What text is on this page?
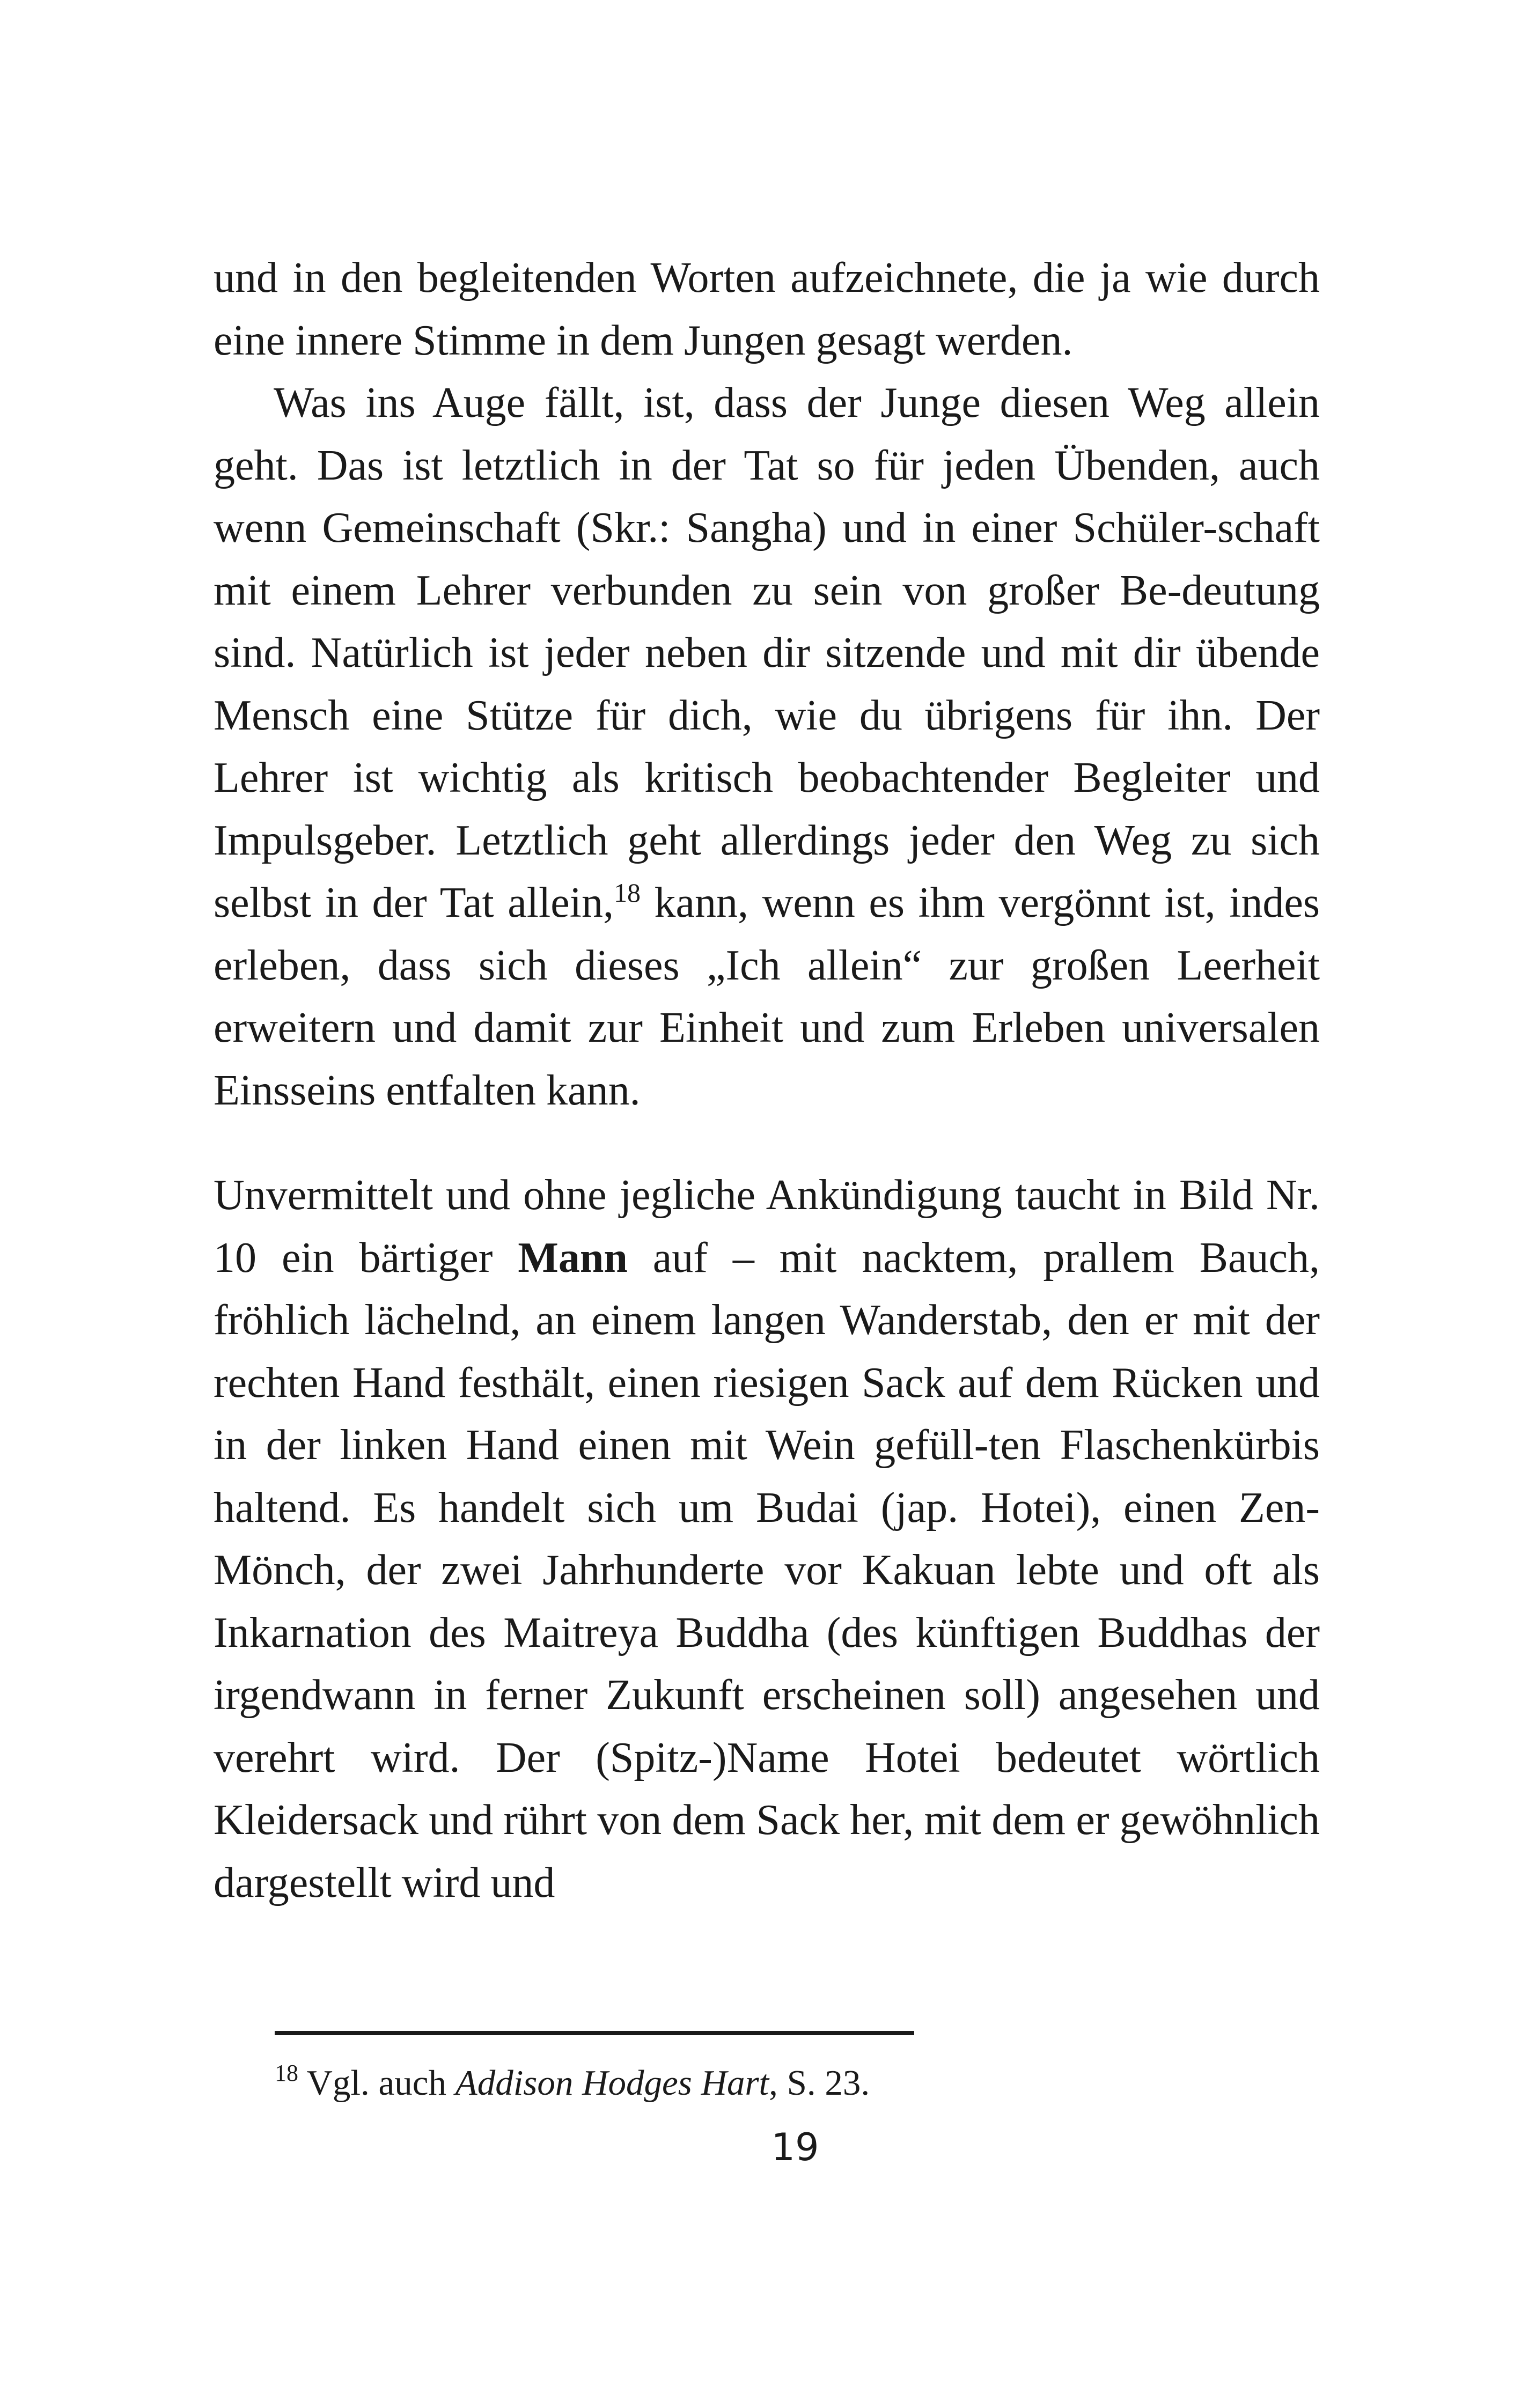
und in den begleitenden Worten aufzeichnete, die ja wie durch eine innere Stimme in dem Jungen gesagt werden.

Was ins Auge fällt, ist, dass der Junge diesen Weg allein geht. Das ist letztlich in der Tat so für jeden Übenden, auch wenn Gemeinschaft (Skr.: Sangha) und in einer Schüler-schaft mit einem Lehrer verbunden zu sein von großer Be-deutung sind. Natürlich ist jeder neben dir sitzende und mit dir übende Mensch eine Stütze für dich, wie du übrigens für ihn. Der Lehrer ist wichtig als kritisch beobachtender Begleiter und Impulsgeber. Letztlich geht allerdings jeder den Weg zu sich selbst in der Tat allein,$^{18}$ kann, wenn es ihm vergönnt ist, indes erleben, dass sich dieses „Ich allein“ zur großen Leerheit erweitern und damit zur Einheit und zum Erleben universalen Einsseins entfalten kann.

Unvermittelt und ohne jegliche Ankündigung taucht in Bild Nr. 10 ein bärtiger Mann auf – mit nacktem, prallem Bauch, fröhlich lächelnd, an einem langen Wanderstab, den er mit der rechten Hand festhält, einen riesigen Sack auf dem Rücken und in der linken Hand einen mit Wein gefüll-ten Flaschenkürbis haltend. Es handelt sich um Budai (jap. Hotei), einen Zen-Mönch, der zwei Jahrhunderte vor Kakuan lebte und oft als Inkarnation des Maitreya Buddha (des künftigen Buddhas der irgendwann in ferner Zukunft erscheinen soll) angesehen und verehrt wird. Der (Spitz-)Name Hotei bedeutet wörtlich Kleidersack und rührt von dem Sack her, mit dem er gewöhnlich dargestellt wird und

$^{18}$ Vgl. auch Addison Hodges Hart, S. 23.
19
